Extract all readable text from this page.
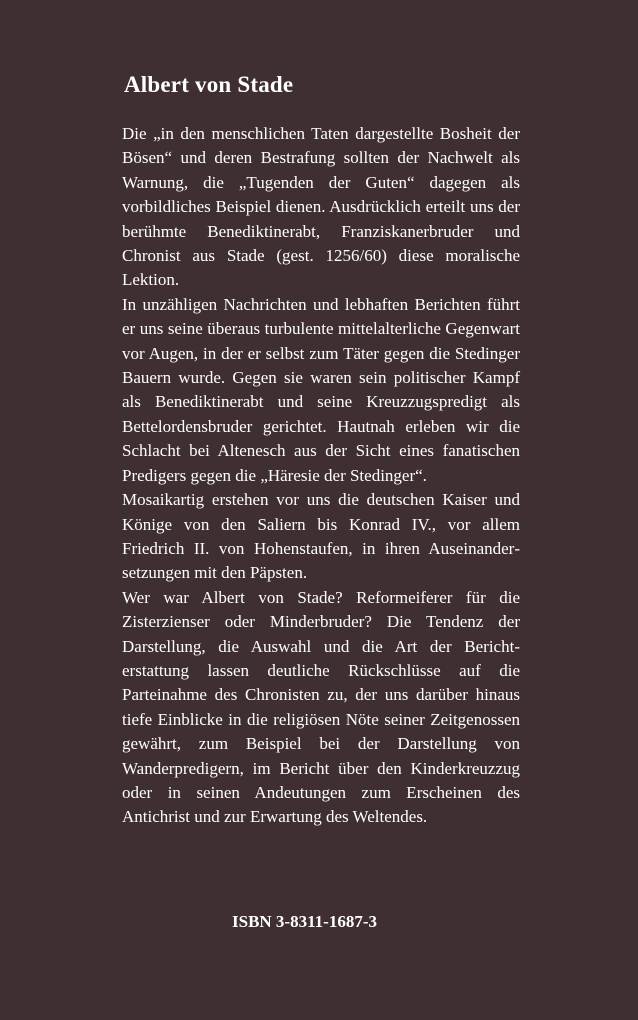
Albert von Stade

Die „in den menschlichen Taten dargestellte Bosheit der Bösen“ und deren Bestrafung sollten der Nachwelt als Warnung, die „Tugenden der Guten“ dagegen als vorbildliches Beispiel dienen. Ausdrücklich erteilt uns der berühmte Benediktinerabt, Franziskanerbruder und Chronist aus Stade (gest. 1256/60) diese moralische Lektion.

In unzähligen Nachrichten und lebhaften Berichten führt er uns seine überaus turbulente mittelalterliche Gegenwart vor Augen, in der er selbst zum Täter gegen die Stedinger Bauern wurde. Gegen sie waren sein politischer Kampf als Benediktinerabt und seine Kreuzzugspredigt als Bettelordensbruder gerichtet. Hautnah erleben wir die Schlacht bei Altenesch aus der Sicht eines fanatischen Predigers gegen die „Häresie der Stedinger“.

Mosaikartig erstehen vor uns die deutschen Kaiser und Könige von den Saliern bis Konrad IV., vor allem Friedrich II. von Hohenstaufen, in ihren Auseinandersetzungen mit den Päpsten.

Wer war Albert von Stade? Reformeiferer für die Zisterzienser oder Minderbruder? Die Tendenz der Darstellung, die Auswahl und die Art der Berichterstattung lassen deutliche Rückschlüsse auf die Parteinahme des Chronisten zu, der uns darüber hinaus tiefe Einblicke in die religiösen Nöte seiner Zeitgenossen gewährt, zum Beispiel bei der Darstellung von Wanderpredigern, im Bericht über den Kinderkreuzzug oder in seinen Andeutungen zum Erscheinen des Antichrist und zur Erwartung des Weltendes.

ISBN 3-8311-1687-3
